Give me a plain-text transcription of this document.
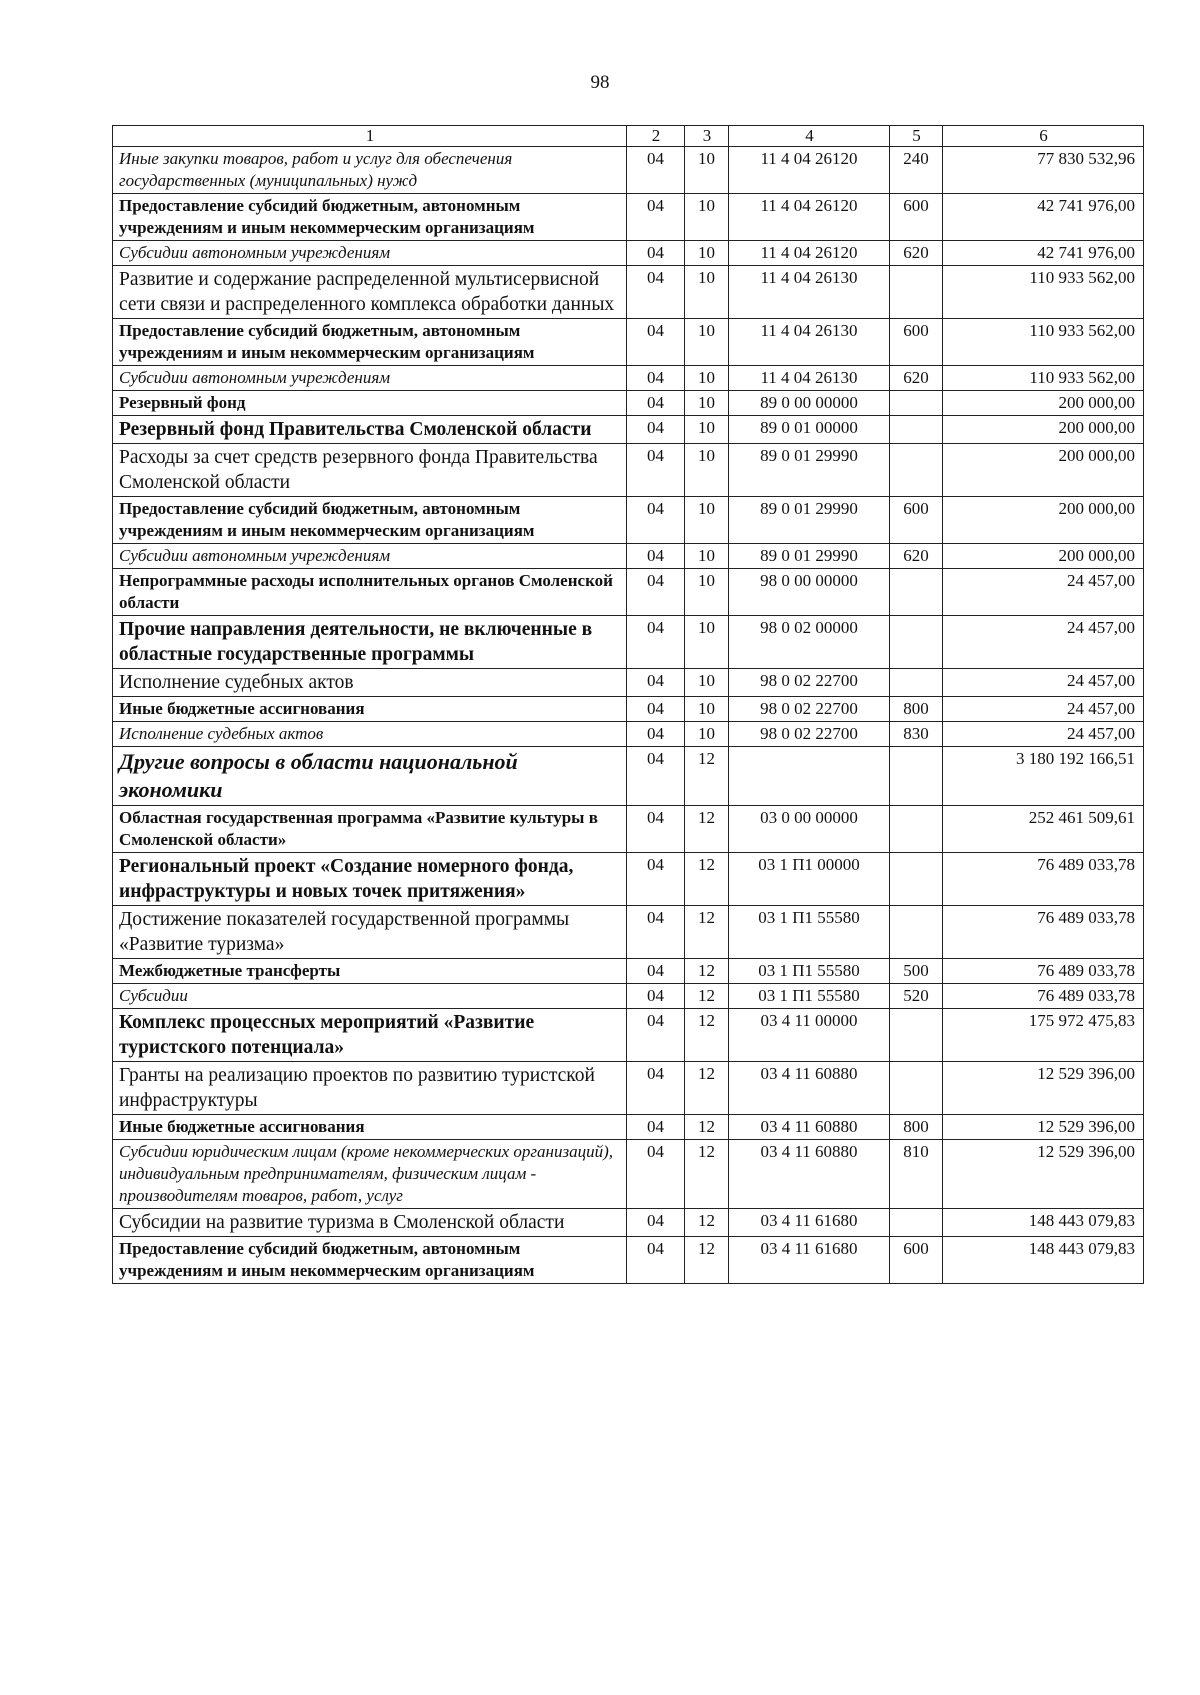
98
1	2	3	4	5	6
Иные закупки товаров, работ и услуг для обеспечения государственных (муниципальных) нужд	04	10	11 4 04 26120	240	77 830 532,96
Предоставление субсидий бюджетным, автономным учреждениям и иным некоммерческим организациям	04	10	11 4 04 26120	600	42 741 976,00
Субсидии автономным учреждениям	04	10	11 4 04 26120	620	42 741 976,00
Развитие и содержание распределенной мультисервисной сети связи и распределенного комплекса обработки данных	04	10	11 4 04 26130		110 933 562,00
Предоставление субсидий бюджетным, автономным учреждениям и иным некоммерческим организациям	04	10	11 4 04 26130	600	110 933 562,00
Субсидии автономным учреждениям	04	10	11 4 04 26130	620	110 933 562,00
Резервный фонд	04	10	89 0 00 00000		200 000,00
Резервный фонд Правительства Смоленской области	04	10	89 0 01 00000		200 000,00
Расходы за счет средств резервного фонда Правительства Смоленской области	04	10	89 0 01 29990		200 000,00
Предоставление субсидий бюджетным, автономным учреждениям и иным некоммерческим организациям	04	10	89 0 01 29990	600	200 000,00
Субсидии автономным учреждениям	04	10	89 0 01 29990	620	200 000,00
Непрограммные расходы исполнительных органов Смоленской области	04	10	98 0 00 00000		24 457,00
Прочие направления деятельности, не включенные в областные государственные программы	04	10	98 0 02 00000		24 457,00
Исполнение судебных актов	04	10	98 0 02 22700		24 457,00
Иные бюджетные ассигнования	04	10	98 0 02 22700	800	24 457,00
Исполнение судебных актов	04	10	98 0 02 22700	830	24 457,00
Другие вопросы в области национальной экономики	04	12			3 180 192 166,51
Областная государственная программа «Развитие культуры в Смоленской области»	04	12	03 0 00 00000		252 461 509,61
Региональный проект «Создание номерного фонда, инфраструктуры и новых точек притяжения»	04	12	03 1 П1 00000		76 489 033,78
Достижение показателей государственной программы «Развитие туризма»	04	12	03 1 П1 55580		76 489 033,78
Межбюджетные трансферты	04	12	03 1 П1 55580	500	76 489 033,78
Субсидии	04	12	03 1 П1 55580	520	76 489 033,78
Комплекс процессных мероприятий «Развитие туристского потенциала»	04	12	03 4 11 00000		175 972 475,83
Гранты на реализацию проектов по развитию туристской инфраструктуры	04	12	03 4 11 60880		12 529 396,00
Иные бюджетные ассигнования	04	12	03 4 11 60880	800	12 529 396,00
Субсидии юридическим лицам (кроме некоммерческих организаций), индивидуальным предпринимателям, физическим лицам - производителям товаров, работ, услуг	04	12	03 4 11 60880	810	12 529 396,00
Субсидии на развитие туризма в Смоленской области	04	12	03 4 11 61680		148 443 079,83
Предоставление субсидий бюджетным, автономным учреждениям и иным некоммерческим организациям	04	12	03 4 11 61680	600	148 443 079,83
